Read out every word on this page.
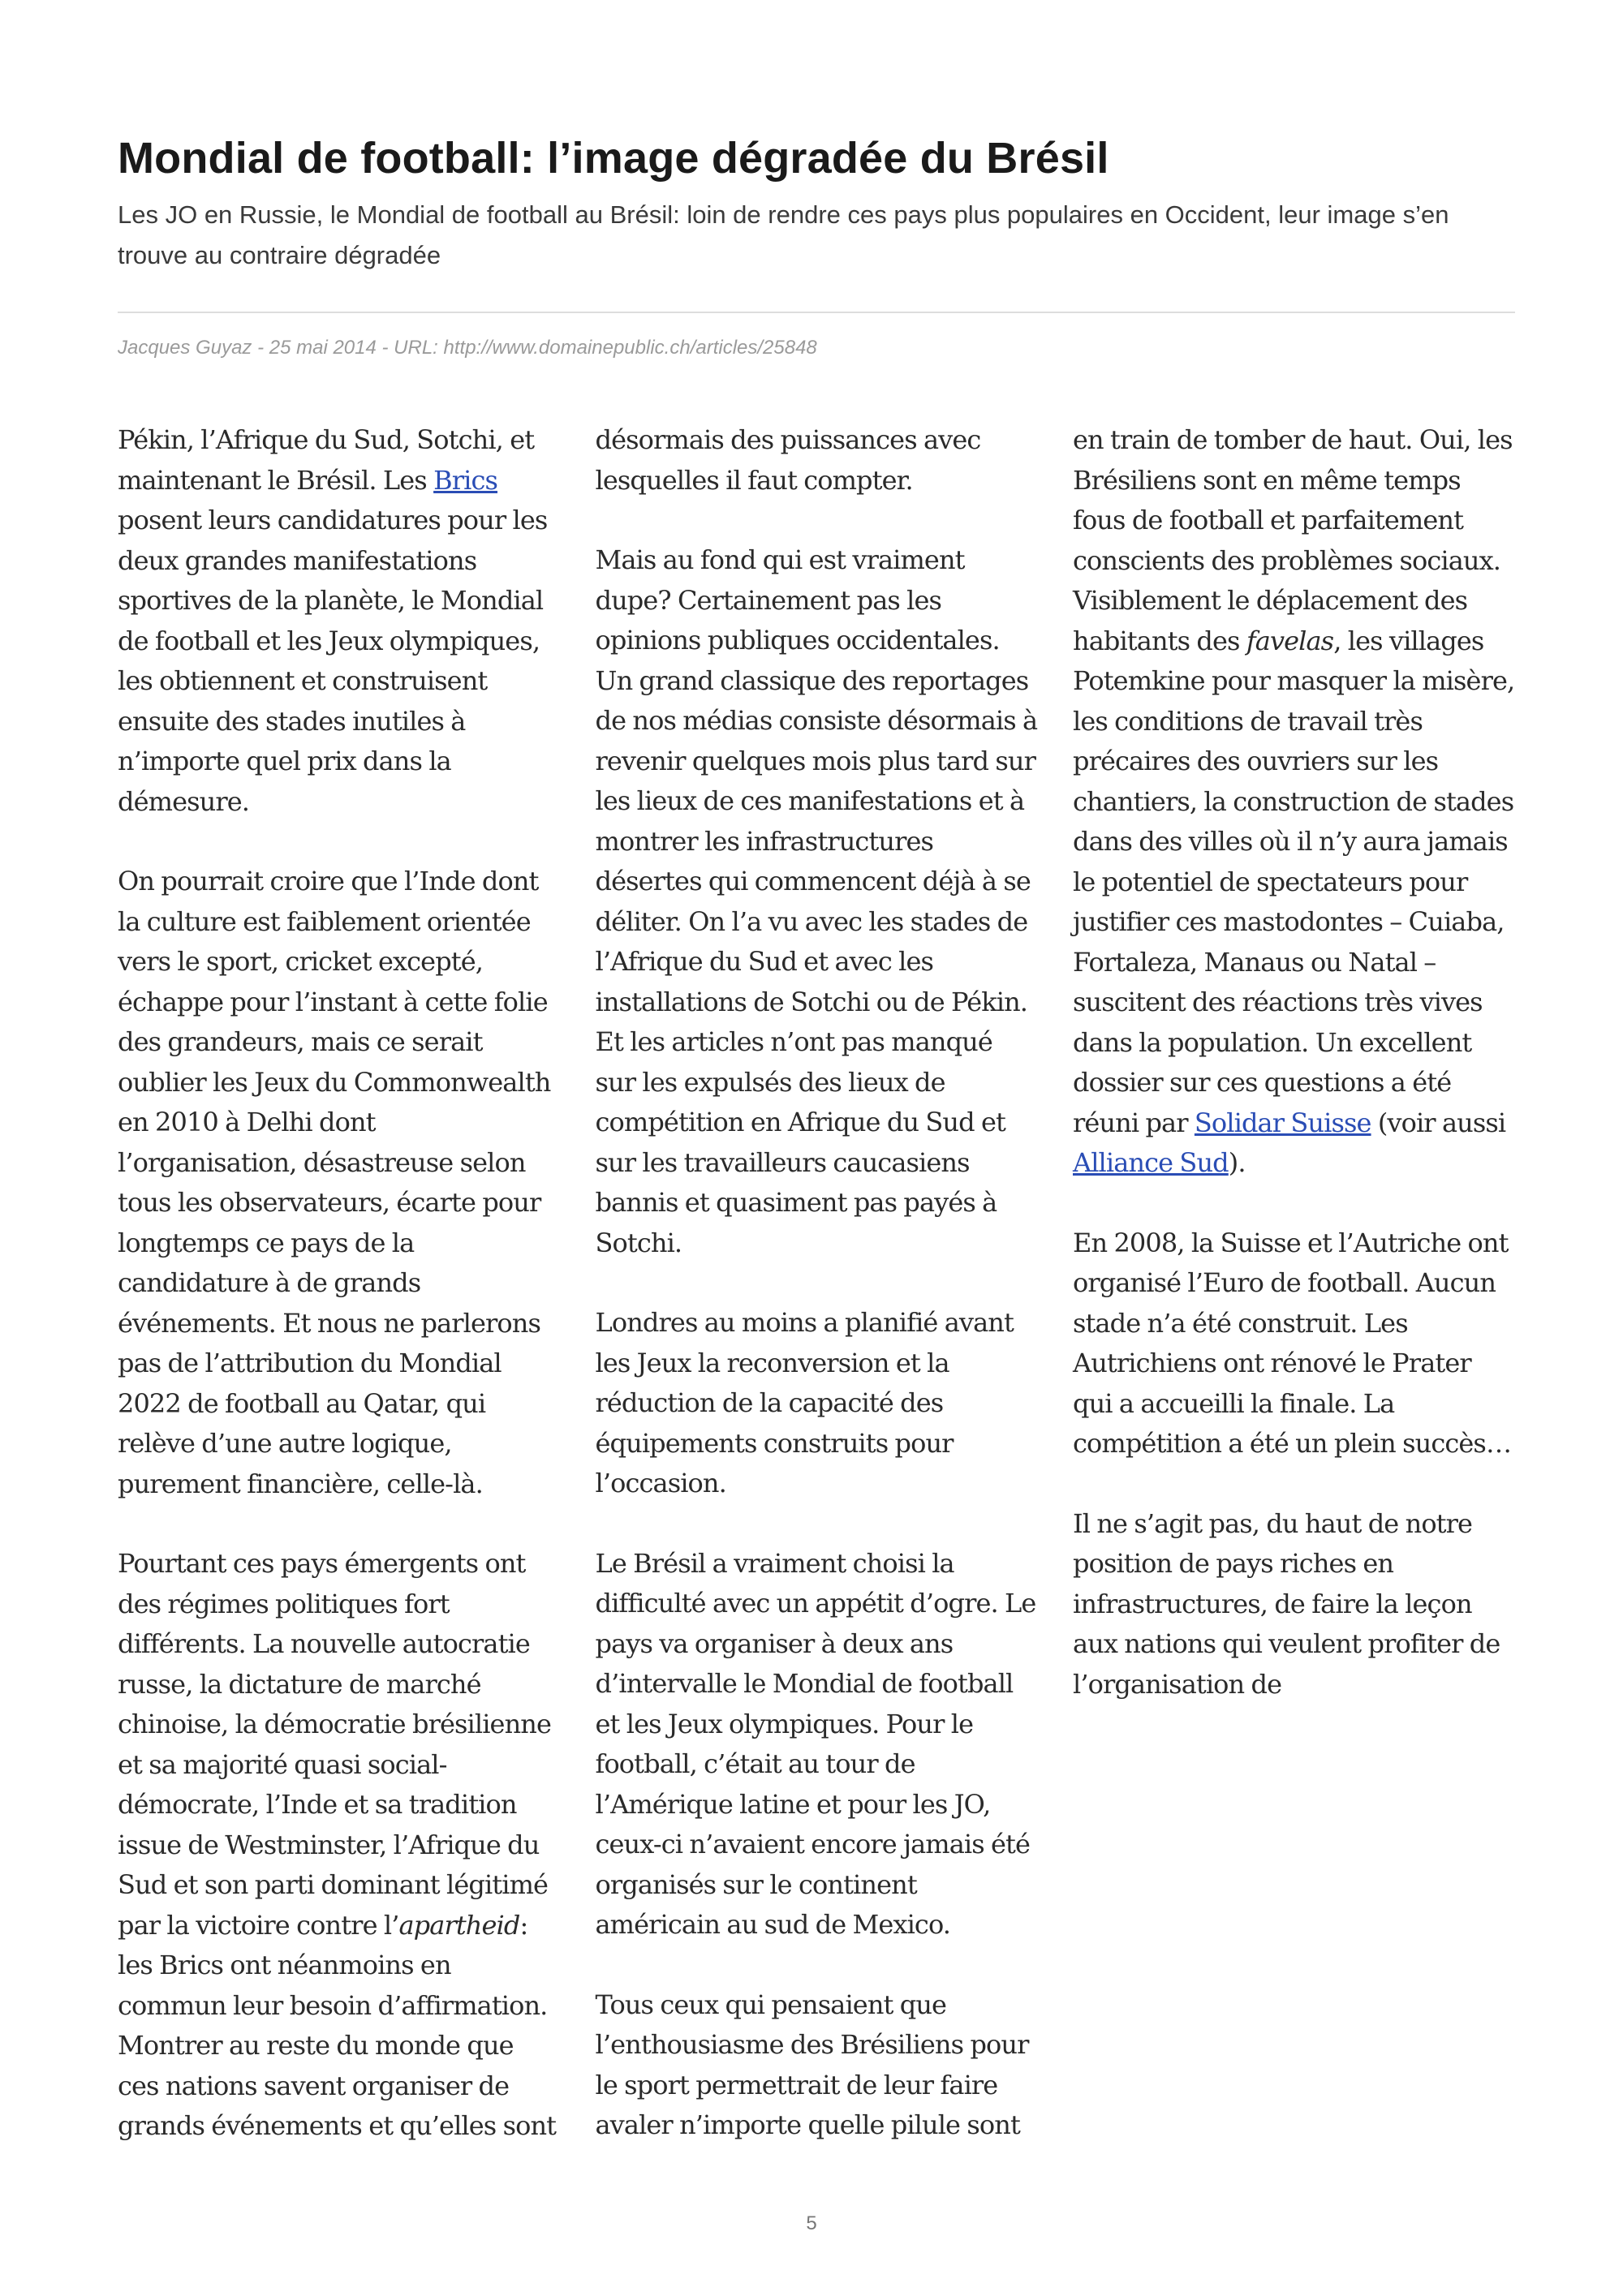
Mondial de football: l’image dégradée du Brésil

Les JO en Russie, le Mondial de football au Brésil: loin de rendre ces pays plus populaires en Occident, leur image s’en trouve au contraire dégradée

Jacques Guyaz - 25 mai 2014 - URL: http://www.domainepublic.ch/articles/25848

Pékin, l’Afrique du Sud, Sotchi, et maintenant le Brésil. Les Brics posent leurs candidatures pour les deux grandes manifestations sportives de la planète, le Mondial de football et les Jeux olympiques, les obtiennent et construisent ensuite des stades inutiles à n’importe quel prix dans la démesure.

On pourrait croire que l’Inde dont la culture est faiblement orientée vers le sport, cricket excepté, échappe pour l’instant à cette folie des grandeurs, mais ce serait oublier les Jeux du Commonwealth en 2010 à Delhi dont l’organisation, désastreuse selon tous les observateurs, écarte pour longtemps ce pays de la candidature à de grands événements. Et nous ne parlerons pas de l’attribution du Mondial 2022 de football au Qatar, qui relève d’une autre logique, purement financière, celle-là.

Pourtant ces pays émergents ont des régimes politiques fort différents. La nouvelle autocratie russe, la dictature de marché chinoise, la démocratie brésilienne et sa majorité quasi social-démocrate, l’Inde et sa tradition issue de Westminster, l’Afrique du Sud et son parti dominant légitimé par la victoire contre l’apartheid: les Brics ont néanmoins en commun leur besoin d’affirmation. Montrer au reste du monde que ces nations savent organiser de grands événements et qu’elles sont

désormais des puissances avec lesquelles il faut compter.

Mais au fond qui est vraiment dupe? Certainement pas les opinions publiques occidentales. Un grand classique des reportages de nos médias consiste désormais à revenir quelques mois plus tard sur les lieux de ces manifestations et à montrer les infrastructures désertes qui commencent déjà à se déliter. On l’a vu avec les stades de l’Afrique du Sud et avec les installations de Sotchi ou de Pékin. Et les articles n’ont pas manqué sur les expulsés des lieux de compétition en Afrique du Sud et sur les travailleurs caucasiens bannis et quasiment pas payés à Sotchi.

Londres au moins a planifié avant les Jeux la reconversion et la réduction de la capacité des équipements construits pour l’occasion.

Le Brésil a vraiment choisi la difficulté avec un appétit d’ogre. Le pays va organiser à deux ans d’intervalle le Mondial de football et les Jeux olympiques. Pour le football, c’était au tour de l’Amérique latine et pour les JO, ceux-ci n’avaient encore jamais été organisés sur le continent américain au sud de Mexico.

Tous ceux qui pensaient que l’enthousiasme des Brésiliens pour le sport permettrait de leur faire avaler n’importe quelle pilule sont

en train de tomber de haut. Oui, les Brésiliens sont en même temps fous de football et parfaitement conscients des problèmes sociaux. Visiblement le déplacement des habitants des favelas, les villages Potemkine pour masquer la misère, les conditions de travail très précaires des ouvriers sur les chantiers, la construction de stades dans des villes où il n’y aura jamais le potentiel de spectateurs pour justifier ces mastodontes – Cuiaba, Fortaleza, Manaus ou Natal – suscitent des réactions très vives dans la population. Un excellent dossier sur ces questions a été réuni par Solidar Suisse (voir aussi Alliance Sud).

En 2008, la Suisse et l’Autriche ont organisé l’Euro de football. Aucun stade n’a été construit. Les Autrichiens ont rénové le Prater qui a accueilli la finale. La compétition a été un plein succès…

Il ne s’agit pas, du haut de notre position de pays riches en infrastructures, de faire la leçon aux nations qui veulent profiter de l’organisation de

5
